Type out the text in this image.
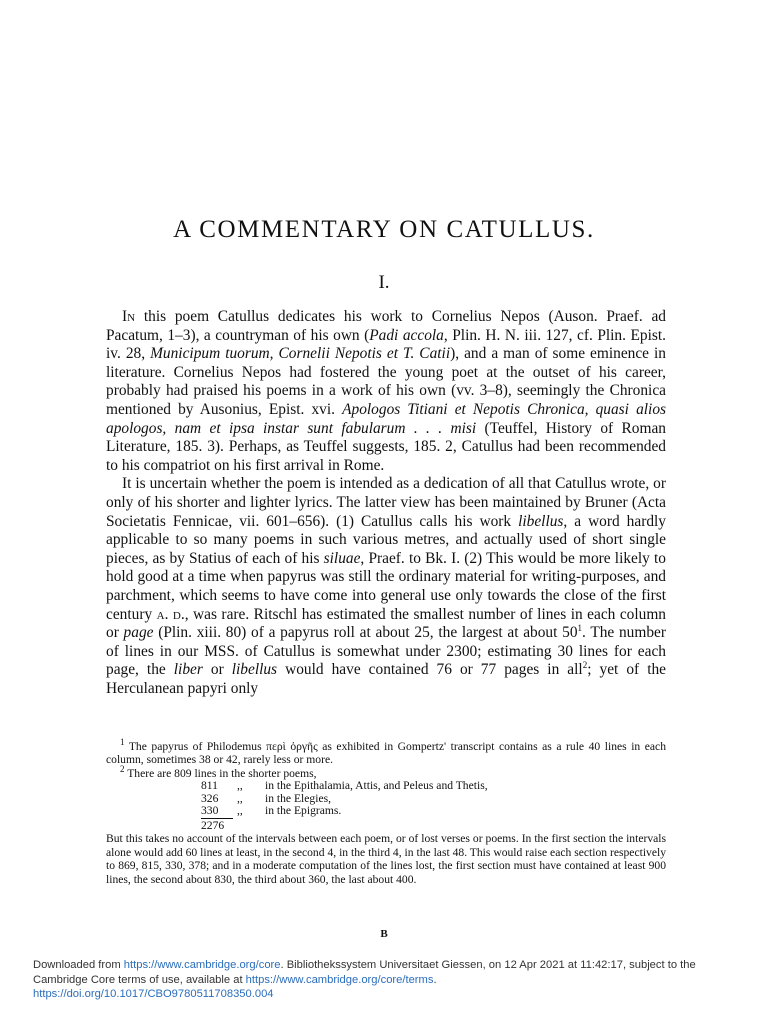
A COMMENTARY ON CATULLUS.
I.

In this poem Catullus dedicates his work to Cornelius Nepos (Auson. Praef. ad Pacatum, 1–3), a countryman of his own (Padi accola, Plin. H. N. iii. 127, cf. Plin. Epist. iv. 28, Municipum tuorum, Cornelii Nepotis et T. Catii), and a man of some eminence in literature. Cornelius Nepos had fostered the young poet at the outset of his career, probably had praised his poems in a work of his own (vv. 3–8), seemingly the Chronica mentioned by Ausonius, Epist. xvi. Apologos Titiani et Nepotis Chronica, quasi alios apologos, nam et ipsa instar sunt fabularum . . . misi (Teuffel, History of Roman Literature, 185. 3). Perhaps, as Teuffel suggests, 185. 2, Catullus had been recommended to his compatriot on his first arrival in Rome.

It is uncertain whether the poem is intended as a dedication of all that Catullus wrote, or only of his shorter and lighter lyrics. The latter view has been maintained by Bruner (Acta Societatis Fennicae, vii. 601–656). (1) Catullus calls his work libellus, a word hardly applicable to so many poems in such various metres, and actually used of short single pieces, as by Statius of each of his siluae, Praef. to Bk. I. (2) This would be more likely to hold good at a time when papyrus was still the ordinary material for writing-purposes, and parchment, which seems to have come into general use only towards the close of the first century a. d., was rare. Ritschl has estimated the smallest number of lines in each column or page (Plin. xiii. 80) of a papyrus roll at about 25, the largest at about $50^1$. The number of lines in our MSS. of Catullus is somewhat under 2300; estimating 30 lines for each page, the liber or libellus would have contained 76 or 77 pages in all$^2$; yet of the Herculanean papyri only

$^1$ The papyrus of Philodemus περὶ ὀργῆς as exhibited in Gompertz' transcript contains as a rule 40 lines in each column, sometimes 38 or 42, rarely less or more.

$^2$ There are 809 lines in the shorter poems,

811	,,	in the Epithalamia, Attis, and Peleus and Thetis,
326	,,	in the Elegies,
330	,,	in the Epigrams.
2276

But this takes no account of the intervals between each poem, or of lost verses or poems. In the first section the intervals alone would add 60 lines at least, in the second 4, in the third 4, in the last 48. This would raise each section respectively to 869, 815, 330, 378; and in a moderate computation of the lines lost, the first section must have contained at least 900 lines, the second about 830, the third about 360, the last about 400.

B
Downloaded from https://www.cambridge.org/core. Bibliothekssystem Universitaet Giessen, on 12 Apr 2021 at 11:42:17, subject to the Cambridge Core terms of use, available at https://www.cambridge.org/core/terms.
https://doi.org/10.1017/CBO9780511708350.004
